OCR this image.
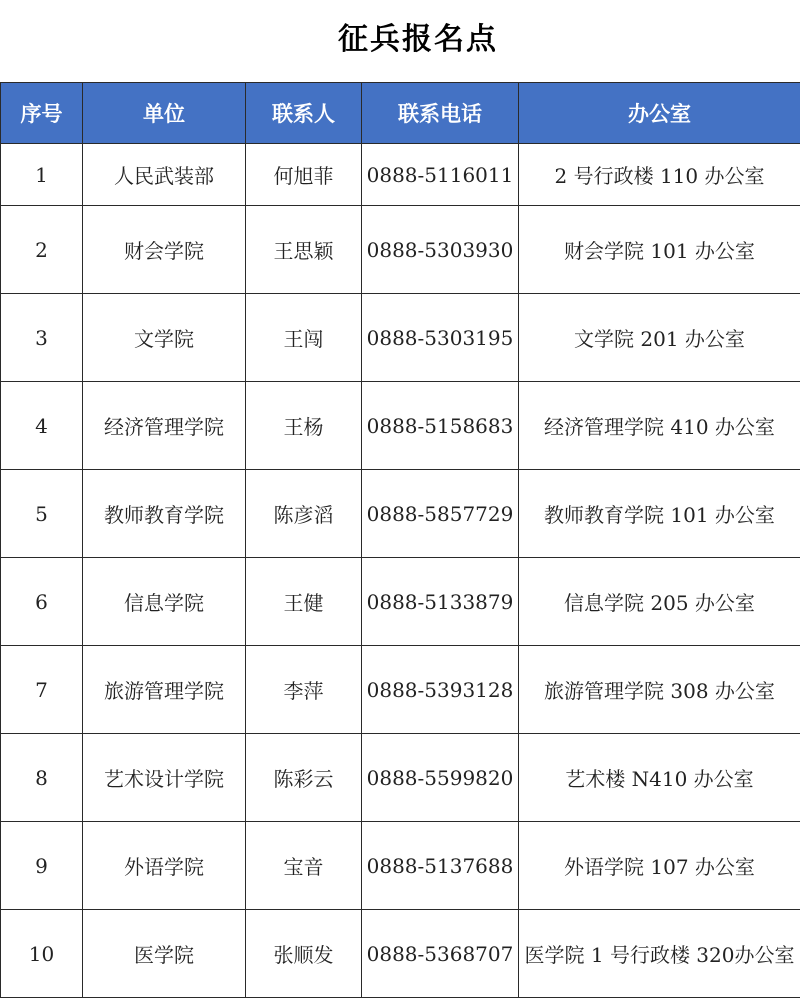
征兵报名点
序号	单位	联系人	联系电话	办公室
1	人民武装部	何旭菲	0888-5116011	2 号行政楼 110 办公室
2	财会学院	王思颖	0888-5303930	财会学院 101 办公室
3	文学院	王闯	0888-5303195	文学院 201 办公室
4	经济管理学院	王杨	0888-5158683	经济管理学院 410 办公室
5	教师教育学院	陈彦滔	0888-5857729	教师教育学院 101 办公室
6	信息学院	王健	0888-5133879	信息学院 205 办公室
7	旅游管理学院	李萍	0888-5393128	旅游管理学院 308 办公室
8	艺术设计学院	陈彩云	0888-5599820	艺术楼 N410 办公室
9	外语学院	宝音	0888-5137688	外语学院 107 办公室
10	医学院	张顺发	0888-5368707	医学院 1 号行政楼 320办公室
